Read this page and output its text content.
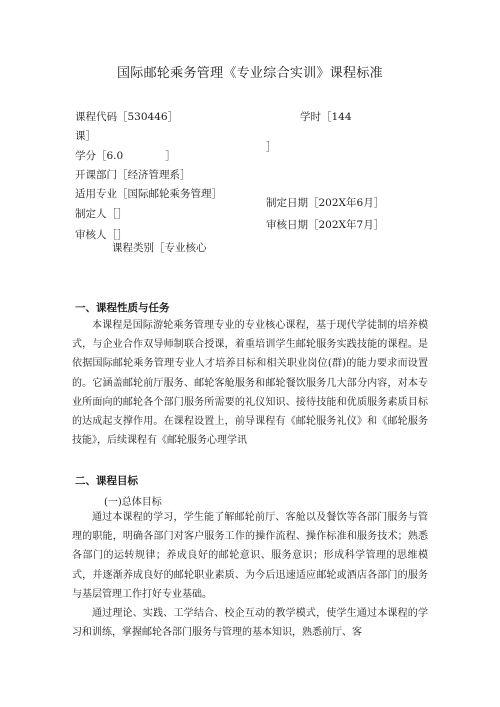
国际邮轮乘务管理《专业综合实训》课程标准
课程代码［530446］
课］
学时［144
］
学分［6.0　　　　］
开课部门［经济管理系］
适用专业［国际邮轮乘务管理］
制定人［］
审核人［］
课程类别［专业核心
制定日期［202X年6月］
审核日期［202X年7月］
一、课程性质与任务

本课程是国际游轮乘务管理专业的专业核心课程，基于现代学徒制的培养模式，与企业合作双导师制联合授课，着重培训学生邮轮服务实践技能的课程。是依据国际邮轮乘务管理专业人才培养目标和相关职业岗位(群)的能力要求而设置的。它涵盖邮轮前厅服务、邮轮客舱服务和邮轮餐饮服务几大部分内容，对本专业所面向的邮轮各个部门服务所需要的礼仪知识、接待技能和优质服务素质目标的达成起支撑作用。在课程设置上，前导课程有《邮轮服务礼仪》和《邮轮服务技能》，后续课程有《邮轮服务心理学讯

二、课程目标
(一)总体目标

通过本课程的学习，学生能了解邮轮前厅、客舱以及餐饮等各部门服务与管理的职能，明确各部门对客户服务工作的操作流程、操作标准和服务技术；熟悉各部门的运转规律；养成良好的邮轮意识、服务意识；形成科学管理的思维模式，并逐渐养成良好的邮轮职业素质、为今后迅速适应邮轮或酒店各部门的服务与基层管理工作打好专业基础。

通过理论、实践、工学结合、校企互动的教学模式，使学生通过本课程的学习和训练，掌握邮轮各部门服务与管理的基本知识，熟悉前厅、客
